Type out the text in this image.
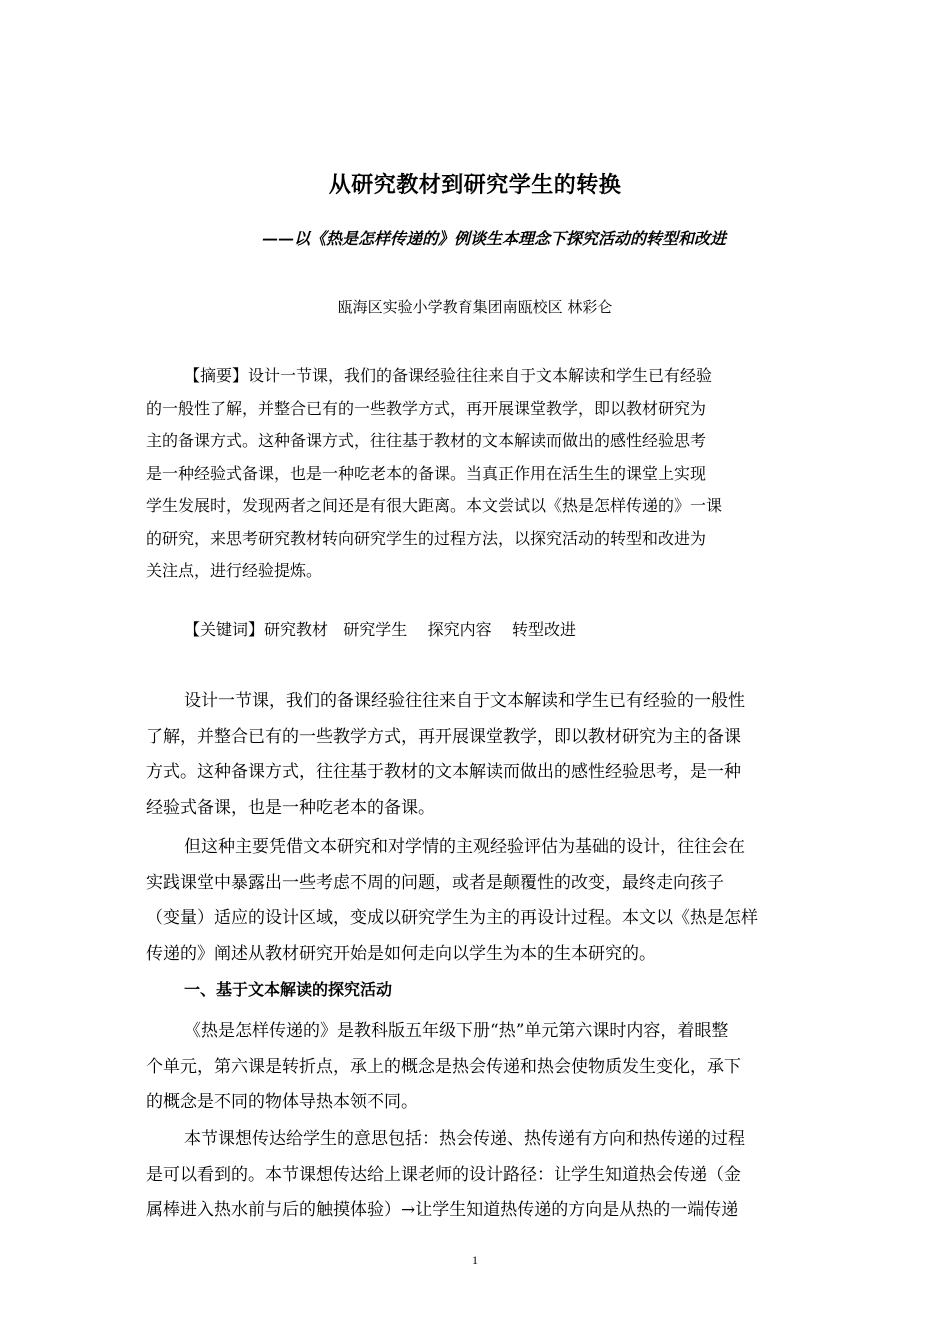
从研究教材到研究学生的转换
——以《热是怎样传递的》例谈生本理念下探究活动的转型和改进
瓯海区实验小学教育集团南瓯校区 林彩仑
【摘要】设计一节课，我们的备课经验往往来自于文本解读和学生已有经验
的一般性了解，并整合已有的一些教学方式，再开展课堂教学，即以教材研究为
主的备课方式。这种备课方式，往往基于教材的文本解读而做出的感性经验思考
是一种经验式备课，也是一种吃老本的备课。当真正作用在活生生的课堂上实现
学生发展时，发现两者之间还是有很大距离。本文尝试以《热是怎样传递的》一课
的研究，来思考研究教材转向研究学生的过程方法，以探究活动的转型和改进为
关注点，进行经验提炼。
【关键词】研究教材   研究学生    探究内容    转型改进
设计一节课，我们的备课经验往往来自于文本解读和学生已有经验的一般性
了解，并整合已有的一些教学方式，再开展课堂教学，即以教材研究为主的备课
方式。这种备课方式，往往基于教材的文本解读而做出的感性经验思考，是一种
经验式备课，也是一种吃老本的备课。
但这种主要凭借文本研究和对学情的主观经验评估为基础的设计，往往会在
实践课堂中暴露出一些考虑不周的问题，或者是颠覆性的改变，最终走向孩子
（变量）适应的设计区域，变成以研究学生为主的再设计过程。本文以《热是怎样
传递的》阐述从教材研究开始是如何走向以学生为本的生本研究的。
一、基于文本解读的探究活动
《热是怎样传递的》是教科版五年级下册“热”单元第六课时内容，着眼整
个单元，第六课是转折点，承上的概念是热会传递和热会使物质发生变化，承下
的概念是不同的物体导热本领不同。
本节课想传达给学生的意思包括：热会传递、热传递有方向和热传递的过程
是可以看到的。本节课想传达给上课老师的设计路径：让学生知道热会传递（金
属棒进入热水前与后的触摸体验）→让学生知道热传递的方向是从热的一端传递
1
